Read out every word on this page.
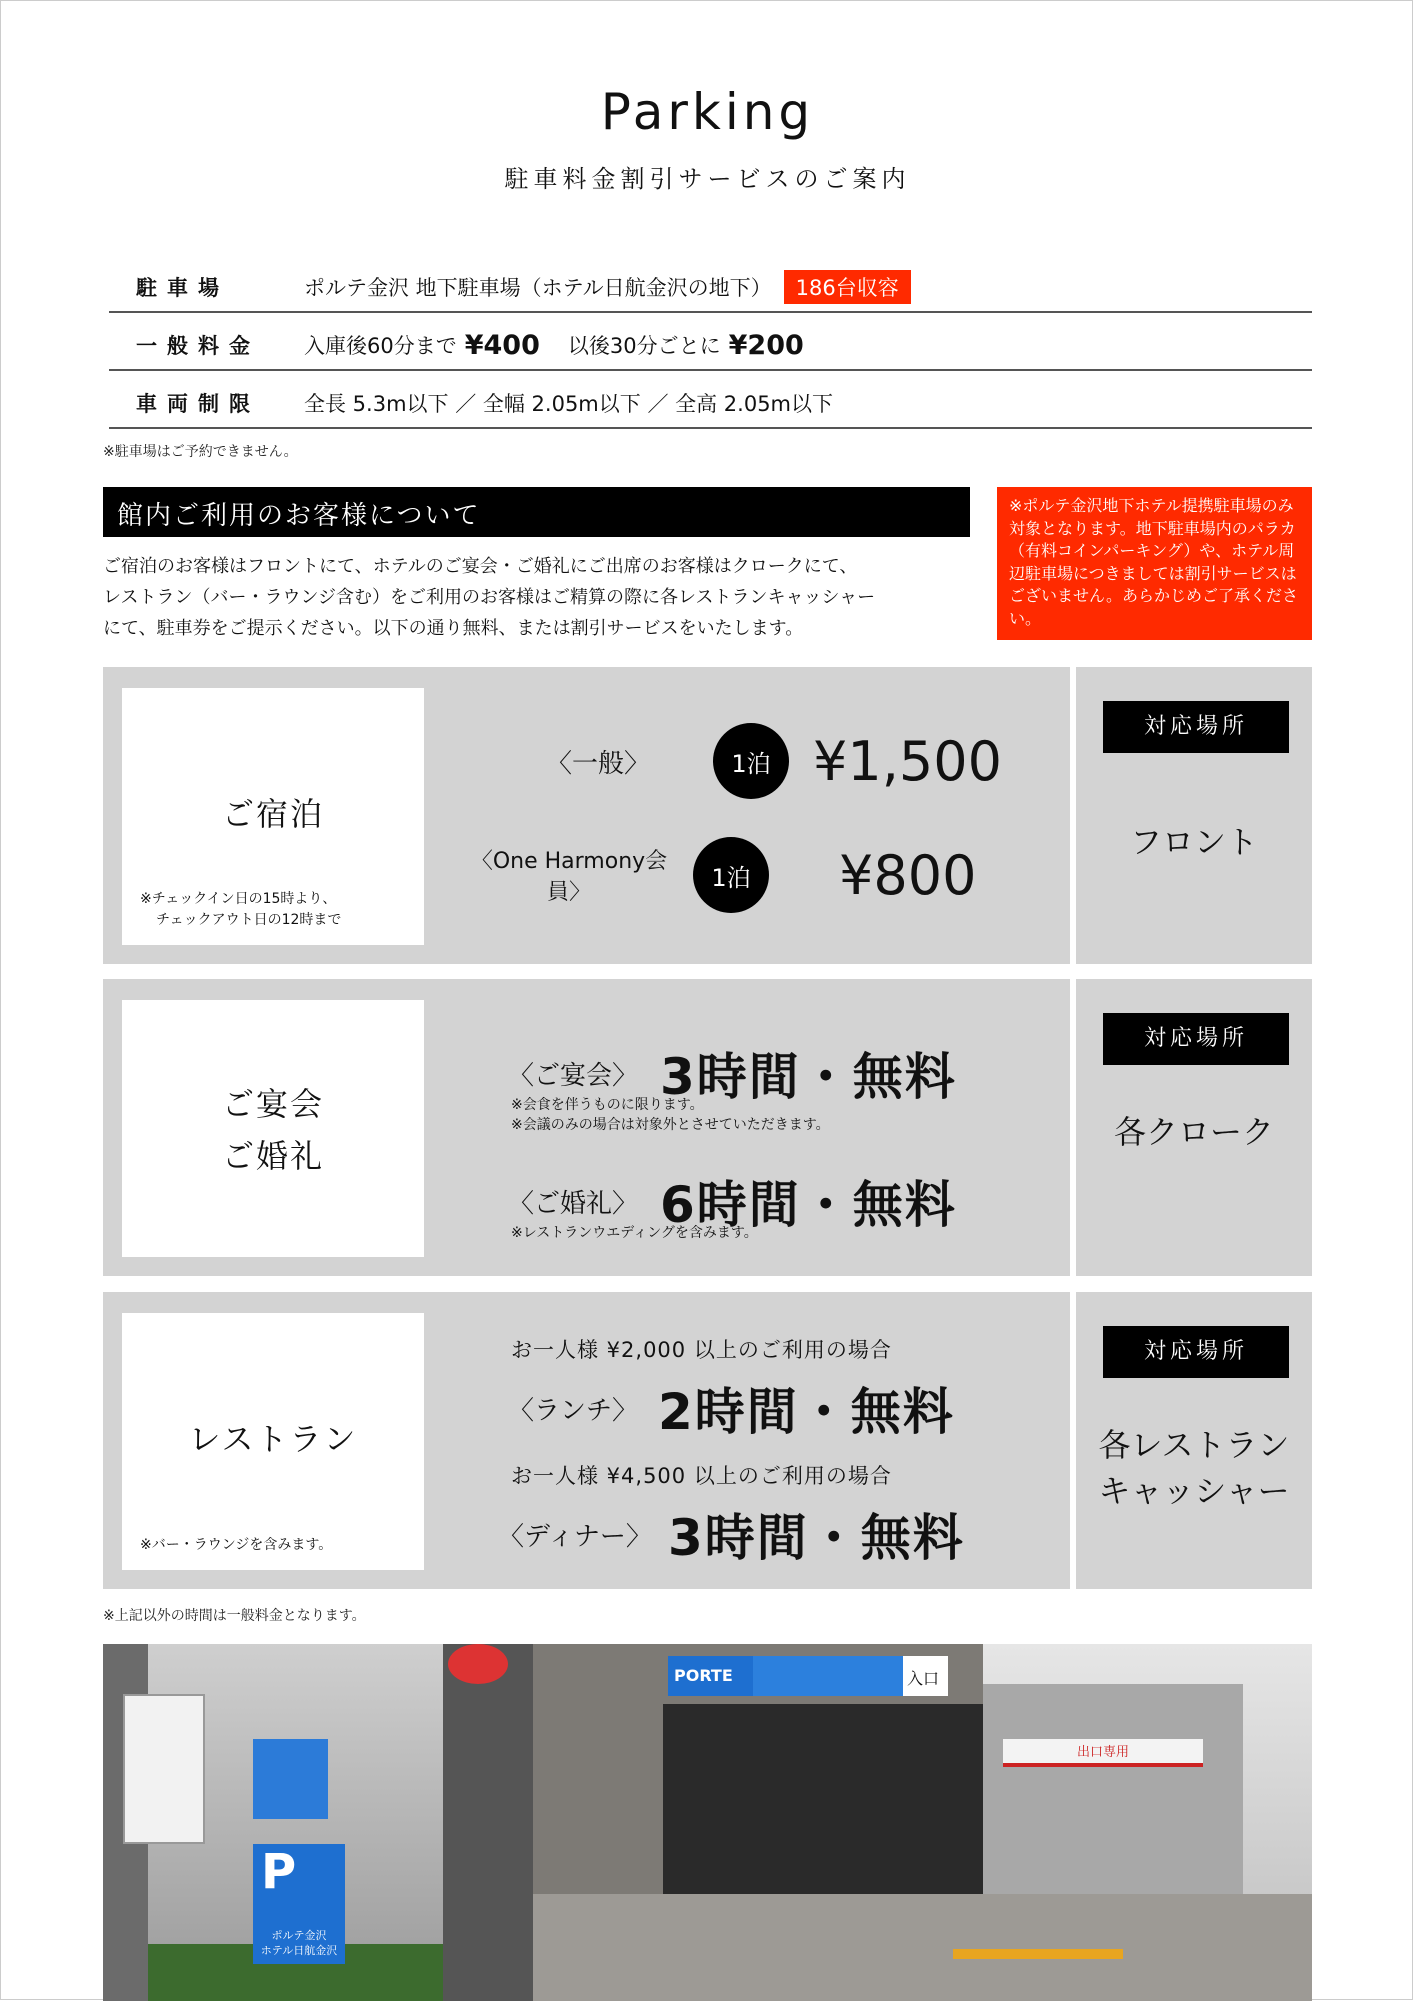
Parking
駐車料金割引サービスのご案内
駐車場	ポルテ金沢 地下駐車場（ホテル日航金沢の地下）	186台収容
一般料金	入庫後60分まで ¥400 以後30分ごとに ¥200
車両制限	全長 5.3m以下 ／ 全幅 2.05m以下 ／ 全高 2.05m以下
※駐車場はご予約できません。
館内ご利用のお客様について	※ポルテ金沢地下ホテル提携駐車場のみ対象となります。地下駐車場内のパラカ（有料コインパーキング）や、ホテル周辺駐車場につきましては割引サービスはございません。あらかじめご了承ください。
ご宿泊のお客様はフロントにて、ホテルのご宴会・ご婚礼にご出席のお客様はクロークにて、
レストラン（バー・ラウンジ含む）をご利用のお客様はご精算の際に各レストランキャッシャー
にて、駐車券をご提示ください。以下の通り無料、または割引サービスをいたします。
ご宿泊
※チェックイン日の15時より、
チェックアウト日の12時まで
〈一般〉	1泊 ¥1,500
〈One Harmony会員〉
1泊	¥800
対応場所
フロント
ご宴会
ご婚礼
〈ご宴会〉 3時間・無料
※会食を伴うものに限ります。
※会議のみの場合は対象外とさせていただきます。
〈ご婚礼〉 6時間・無料
※レストランウエディングを含みます。
対応場所
各クローク
レストラン
※バー・ラウンジを含みます。
お一人様 ¥2,000 以上のご利用の場合
〈ランチ〉 2時間・無料
お一人様 ¥4,500 以上のご利用の場合
〈ディナー〉 3時間・無料
対応場所
各レストラン
キャッシャー
※上記以外の時間は一般料金となります。
P
ポルテ金沢
ホテル日航金沢
PORTE	入口
出口専用
